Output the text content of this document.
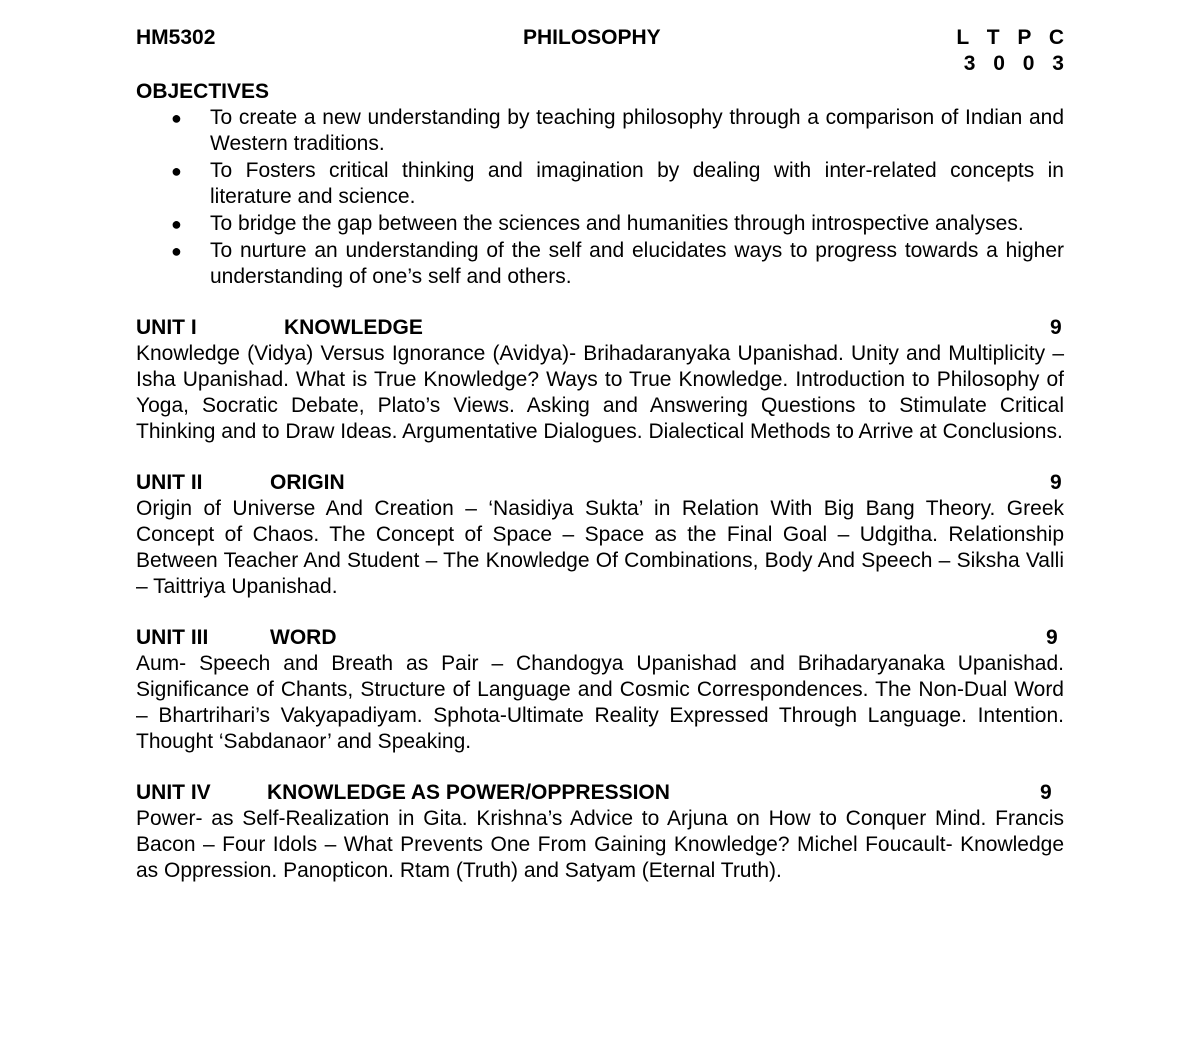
HM5302	PHILOSOPHY	L T P C
3 0 0 3

OBJECTIVES

● To create a new understanding by teaching philosophy through a comparison of Indian and Western traditions.
● To Fosters critical thinking and imagination by dealing with inter-related concepts in literature and science.
● To bridge the gap between the sciences and humanities through introspective analyses.
● To nurture an understanding of the self and elucidates ways to progress towards a higher understanding of one’s self and others.
UNIT I	KNOWLEDGE	9

Knowledge (Vidya) Versus Ignorance (Avidya)- Brihadaranyaka Upanishad. Unity and Multiplicity – Isha Upanishad. What is True Knowledge? Ways to True Knowledge. Introduction to Philosophy of Yoga, Socratic Debate, Plato’s Views. Asking and Answering Questions to Stimulate Critical Thinking and to Draw Ideas. Argumentative Dialogues. Dialectical Methods to Arrive at Conclusions.

UNIT II	ORIGIN	9

Origin of Universe And Creation – ‘Nasidiya Sukta’ in Relation With Big Bang Theory. Greek Concept of Chaos. The Concept of Space – Space as the Final Goal – Udgitha. Relationship Between Teacher And Student – The Knowledge Of Combinations, Body And Speech – Siksha Valli – Taittriya Upanishad.

UNIT III	WORD	9

Aum- Speech and Breath as Pair – Chandogya Upanishad and Brihadaryanaka Upanishad. Significance of Chants, Structure of Language and Cosmic Correspondences. The Non-Dual Word – Bhartrihari’s Vakyapadiyam. Sphota-Ultimate Reality Expressed Through Language. Intention. Thought ‘Sabdanaor’ and Speaking.

UNIT IV	KNOWLEDGE AS POWER/OPPRESSION	9

Power- as Self-Realization in Gita. Krishna’s Advice to Arjuna on How to Conquer Mind. Francis Bacon – Four Idols – What Prevents One From Gaining Knowledge? Michel Foucault- Knowledge as Oppression. Panopticon. Rtam (Truth) and Satyam (Eternal Truth).
